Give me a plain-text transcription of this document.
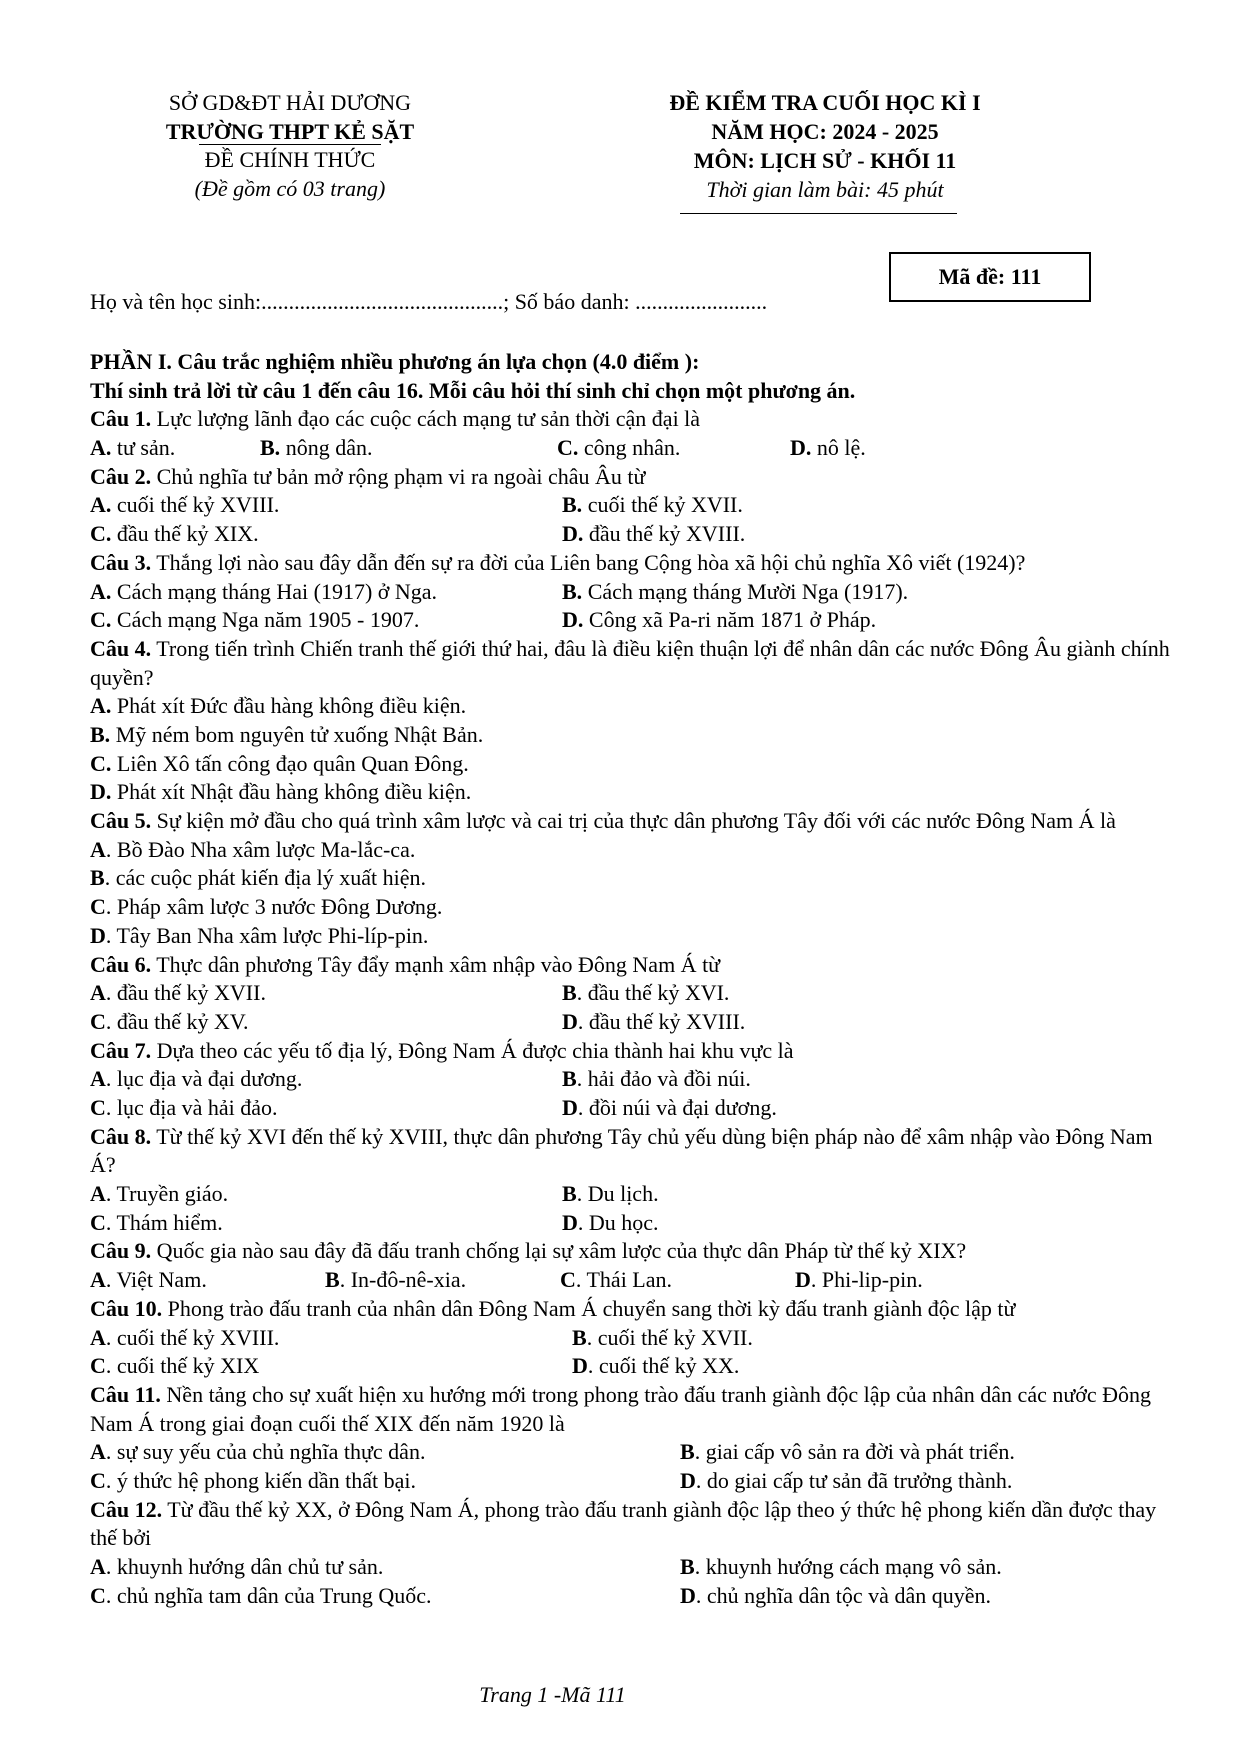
SỞ GD&ĐT HẢI DƯƠNG
TRƯỜNG THPT KẺ SẶT
ĐỀ CHÍNH THỨC
(Đề gồm có 03 trang)
ĐỀ KIỂM TRA CUỐI HỌC KÌ I
NĂM HỌC: 2024 - 2025
MÔN: LỊCH SỬ - KHỐI 11
Thời gian làm bài: 45 phút
Mã đề: 111
Họ và tên học sinh:............................................; Số báo danh: ........................
PHẦN I. Câu trắc nghiệm nhiều phương án lựa chọn (4.0 điểm ):
Thí sinh trả lời từ câu 1 đến câu 16. Mỗi câu hỏi thí sinh chỉ chọn một phương án.
Câu 1. Lực lượng lãnh đạo các cuộc cách mạng tư sản thời cận đại là
A. tư sản.	B. nông dân.	C. công nhân.	D. nô lệ.
Câu 2. Chủ nghĩa tư bản mở rộng phạm vi ra ngoài châu Âu từ
A. cuối thế kỷ XVIII.	B. cuối thế kỷ XVII.
C. đầu thế kỷ XIX.	D. đầu thế kỷ XVIII.
Câu 3. Thắng lợi nào sau đây dẫn đến sự ra đời của Liên bang Cộng hòa xã hội chủ nghĩa Xô viết (1924)?
A. Cách mạng tháng Hai (1917) ở Nga.	B. Cách mạng tháng Mười Nga (1917).
C. Cách mạng Nga năm 1905 - 1907.	D. Công xã Pa-ri năm 1871 ở Pháp.
Câu 4. Trong tiến trình Chiến tranh thế giới thứ hai, đâu là điều kiện thuận lợi để nhân dân các nước Đông Âu giành chính quyền?
A. Phát xít Đức đầu hàng không điều kiện.
B. Mỹ ném bom nguyên tử xuống Nhật Bản.
C. Liên Xô tấn công đạo quân Quan Đông.
D. Phát xít Nhật đầu hàng không điều kiện.
Câu 5. Sự kiện mở đầu cho quá trình xâm lược và cai trị của thực dân phương Tây đối với các nước Đông Nam Á là
A. Bồ Đào Nha xâm lược Ma-lắc-ca.
B. các cuộc phát kiến địa lý xuất hiện.
C. Pháp xâm lược 3 nước Đông Dương.
D. Tây Ban Nha xâm lược Phi-líp-pin.
Câu 6. Thực dân phương Tây đẩy mạnh xâm nhập vào Đông Nam Á từ
A. đầu thế kỷ XVII.	B. đầu thế kỷ XVI.
C. đầu thế kỷ XV.	D. đầu thế kỷ XVIII.
Câu 7. Dựa theo các yếu tố địa lý, Đông Nam Á được chia thành hai khu vực là
A. lục địa và đại dương.	B. hải đảo và đồi núi.
C. lục địa và hải đảo.	D. đồi núi và đại dương.
Câu 8. Từ thế kỷ XVI đến thế kỷ XVIII, thực dân phương Tây chủ yếu dùng biện pháp nào để xâm nhập vào Đông Nam Á?
A. Truyền giáo.	B. Du lịch.
C. Thám hiểm.	D. Du học.
Câu 9. Quốc gia nào sau đây đã đấu tranh chống lại sự xâm lược của thực dân Pháp từ thế kỷ XIX?
A. Việt Nam.	B. In-đô-nê-xia.	C. Thái Lan.	D. Phi-lip-pin.
Câu 10. Phong trào đấu tranh của nhân dân Đông Nam Á chuyển sang thời kỳ đấu tranh giành độc lập từ
A. cuối thế kỷ XVIII.	B. cuối thế kỷ XVII.
C. cuối thế kỷ XIX	D. cuối thế kỷ XX.
Câu 11. Nền tảng cho sự xuất hiện xu hướng mới trong phong trào đấu tranh giành độc lập của nhân dân các nước Đông Nam Á trong giai đoạn cuối thế XIX đến năm 1920 là
A. sự suy yếu của chủ nghĩa thực dân.	B. giai cấp vô sản ra đời và phát triển.
C. ý thức hệ phong kiến dần thất bại.	D. do giai cấp tư sản đã trưởng thành.
Câu 12. Từ đầu thế kỷ XX, ở Đông Nam Á, phong trào đấu tranh giành độc lập theo ý thức hệ phong kiến dần được thay thế bởi
A. khuynh hướng dân chủ tư sản.	B. khuynh hướng cách mạng vô sản.
C. chủ nghĩa tam dân của Trung Quốc.	D. chủ nghĩa dân tộc và dân quyền.
Trang 1 -Mã 111
